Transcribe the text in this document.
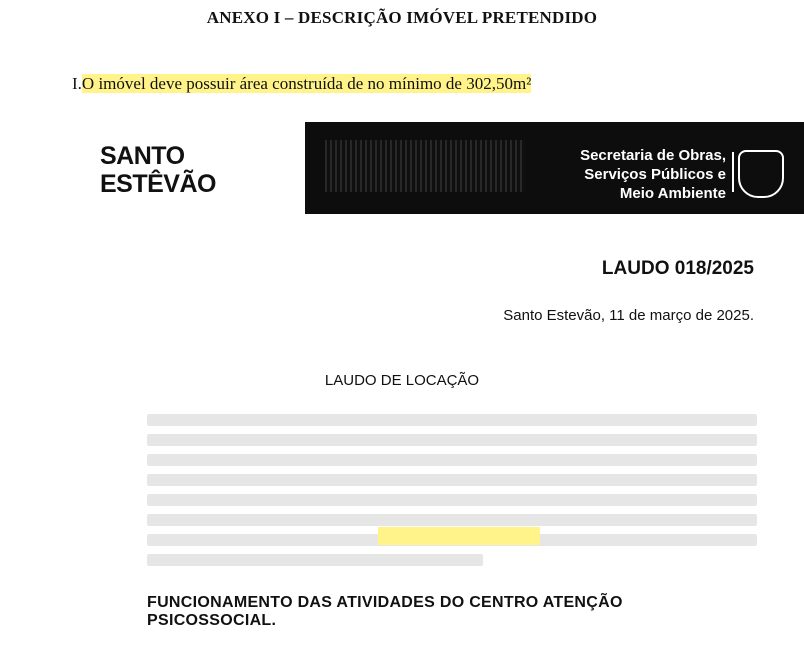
ANEXO I – DESCRIÇÃO IMÓVEL PRETENDIDO
I.O imóvel deve possuir área construída de no mínimo de 302,50m²
SANTO
ESTÊVÃO
Secretaria de Obras,
Serviços Públicos e
Meio Ambiente
LAUDO 018/2025
Santo Estevão, 11 de março de 2025.
LAUDO DE LOCAÇÃO
FUNCIONAMENTO DAS ATIVIDADES DO CENTRO ATENÇÃO PSICOSSOCIAL.
